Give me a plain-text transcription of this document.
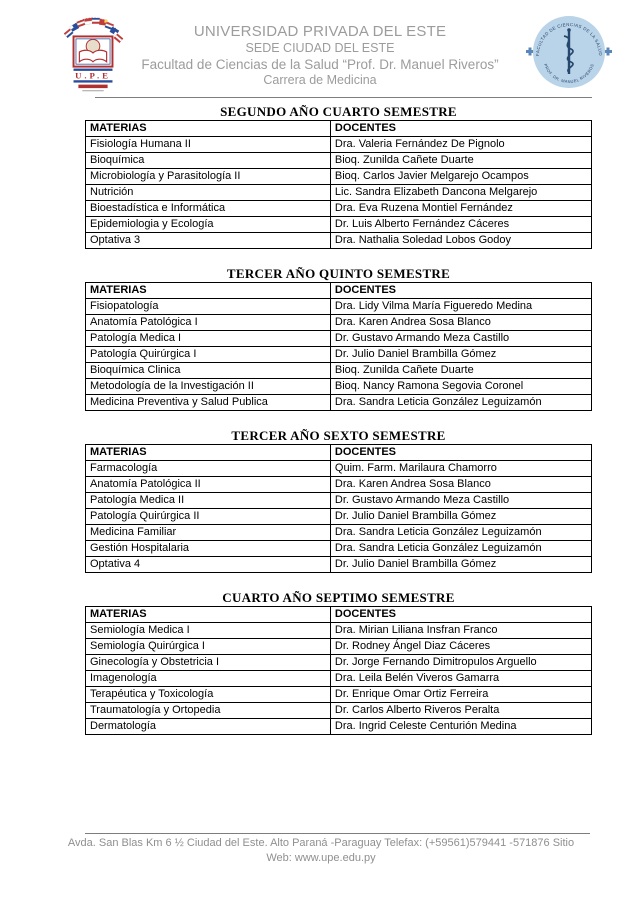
U.P.E
UNIVERSIDAD PRIVADA DEL ESTE
SEDE CIUDAD DEL ESTE
Facultad de Ciencias de la Salud “Prof. Dr. Manuel Riveros”
Carrera de Medicina
FACULTAD DE CIENCIAS DE LA SALUD
PROF. DR. MANUEL RIVEROS
SEGUNDO AÑO CUARTO SEMESTRE
MATERIAS	DOCENTES
Fisiología Humana II	Dra. Valeria Fernández De Pignolo
Bioquímica	Bioq. Zunilda Cañete Duarte
Microbiología y Parasitología II	Bioq. Carlos Javier Melgarejo Ocampos
Nutrición	Lic. Sandra Elizabeth Dancona Melgarejo
Bioestadística e Informática	Dra. Eva Ruzena Montiel Fernández
Epidemiologia y Ecología	Dr. Luis Alberto Fernández Cáceres
Optativa 3	Dra. Nathalia Soledad Lobos Godoy
TERCER AÑO QUINTO SEMESTRE
MATERIAS	DOCENTES
Fisiopatología	Dra. Lidy Vilma María Figueredo Medina
Anatomía Patológica I	Dra. Karen Andrea Sosa Blanco
Patología Medica I	Dr. Gustavo Armando Meza Castillo
Patología Quirúrgica I	Dr. Julio Daniel Brambilla Gómez
Bioquímica Clinica	Bioq. Zunilda Cañete Duarte
Metodología de la Investigación II	Bioq. Nancy Ramona Segovia Coronel
Medicina Preventiva y Salud Publica	Dra. Sandra Leticia González Leguizamón
TERCER AÑO SEXTO SEMESTRE
MATERIAS	DOCENTES
Farmacología	Quim. Farm. Marilaura Chamorro
Anatomía Patológica II	Dra. Karen Andrea Sosa Blanco
Patología Medica II	Dr. Gustavo Armando Meza Castillo
Patología Quirúrgica II	Dr. Julio Daniel Brambilla Gómez
Medicina Familiar	Dra. Sandra Leticia González Leguizamón
Gestión Hospitalaria	Dra. Sandra Leticia González Leguizamón
Optativa 4	Dr. Julio Daniel Brambilla Gómez
CUARTO AÑO SEPTIMO SEMESTRE
MATERIAS	DOCENTES
Semiología Medica I	Dra. Mirian Liliana Insfran Franco
Semiología Quirúrgica I	Dr. Rodney Ángel Diaz Cáceres
Ginecología y Obstetricia I	Dr. Jorge Fernando Dimitropulos Arguello
Imagenología	Dra. Leila Belén Viveros Gamarra
Terapéutica y Toxicología	Dr. Enrique Omar Ortiz Ferreira
Traumatología y Ortopedia	Dr. Carlos Alberto Riveros Peralta
Dermatología	Dra. Ingrid Celeste Centurión Medina
Avda. San Blas Km 6 ½ Ciudad del Este. Alto Paraná -Paraguay Telefax: (+59561)579441 -571876 Sitio
Web: www.upe.edu.py
